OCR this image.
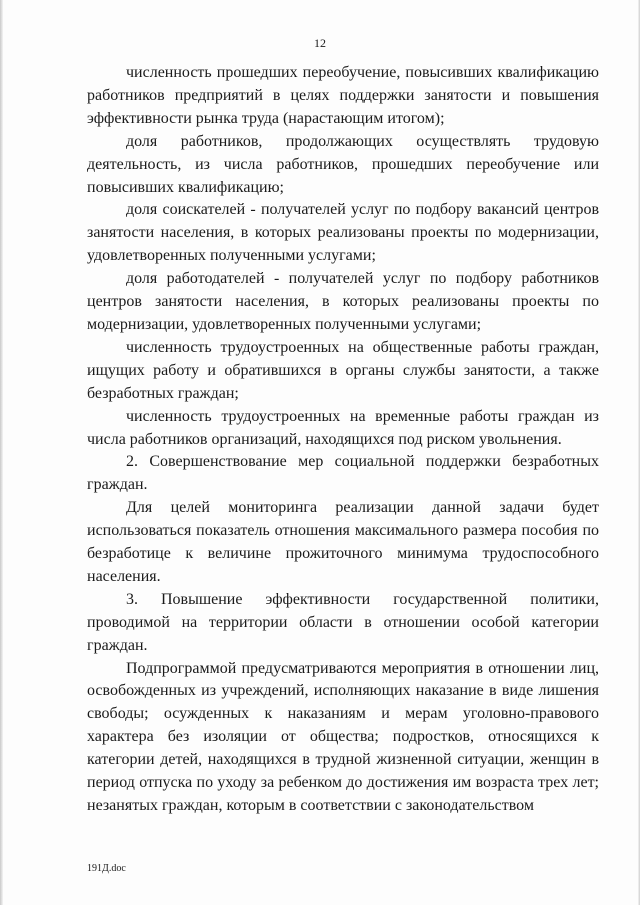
12

численность прошедших переобучение, повысивших квалификацию работников предприятий в целях поддержки занятости и повышения эффективности рынка труда (нарастающим итогом);

доля работников, продолжающих осуществлять трудовую деятельность, из числа работников, прошедших переобучение или повысивших квалификацию;

доля соискателей - получателей услуг по подбору вакансий центров занятости населения, в которых реализованы проекты по модернизации, удовлетворенных полученными услугами;

доля работодателей - получателей услуг по подбору работников центров занятости населения, в которых реализованы проекты по модернизации, удовлетворенных полученными услугами;

численность трудоустроенных на общественные работы граждан, ищущих работу и обратившихся в органы службы занятости, а также безработных граждан;

численность трудоустроенных на временные работы граждан из числа работников организаций, находящихся под риском увольнения.

2. Совершенствование мер социальной поддержки безработных граждан.

Для целей мониторинга реализации данной задачи будет использоваться показатель отношения максимального размера пособия по безработице к величине прожиточного минимума трудоспособного населения.

3. Повышение эффективности государственной политики, проводимой на территории области в отношении особой категории граждан.

Подпрограммой предусматриваются мероприятия в отношении лиц, освобожденных из учреждений, исполняющих наказание в виде лишения свободы; осужденных к наказаниям и мерам уголовно-правового характера без изоляции от общества; подростков, относящихся к категории детей, находящихся в трудной жизненной ситуации, женщин в период отпуска по уходу за ребенком до достижения им возраста трех лет; незанятых граждан, которым в соответствии с законодательством

191Д.doc
